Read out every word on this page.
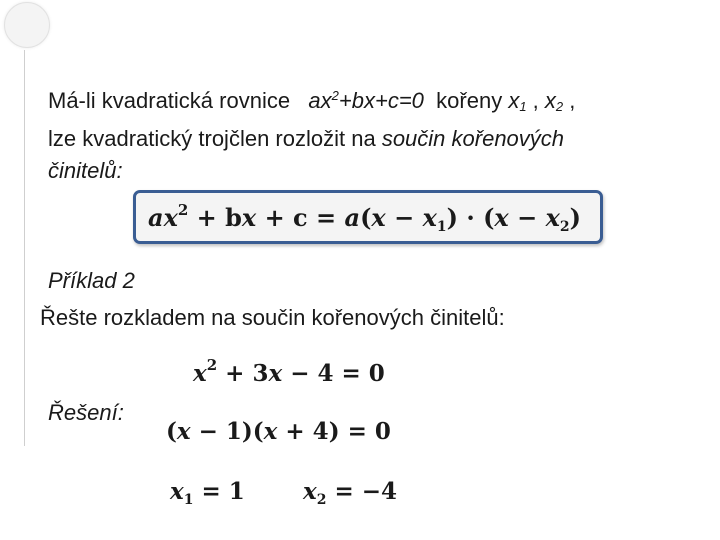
Má-li kvadratická rovnice $ax^2+bx+c=0$ kořeny $x_1$ , $x_2$ ,
lze kvadratický trojčlen rozložit na součin kořenových
činitelů:
$ax^2$ + bx + $c = a(x - x_1) \cdot (x - x_2)$
Příklad 2
Řešte rozkladem na součin kořenových činitelů:
$x^2 + 3x - 4 = 0$
Řešení:
(x − 1)(x + 4) = 0
$x_1 = 1$	$x_2 = -4$
